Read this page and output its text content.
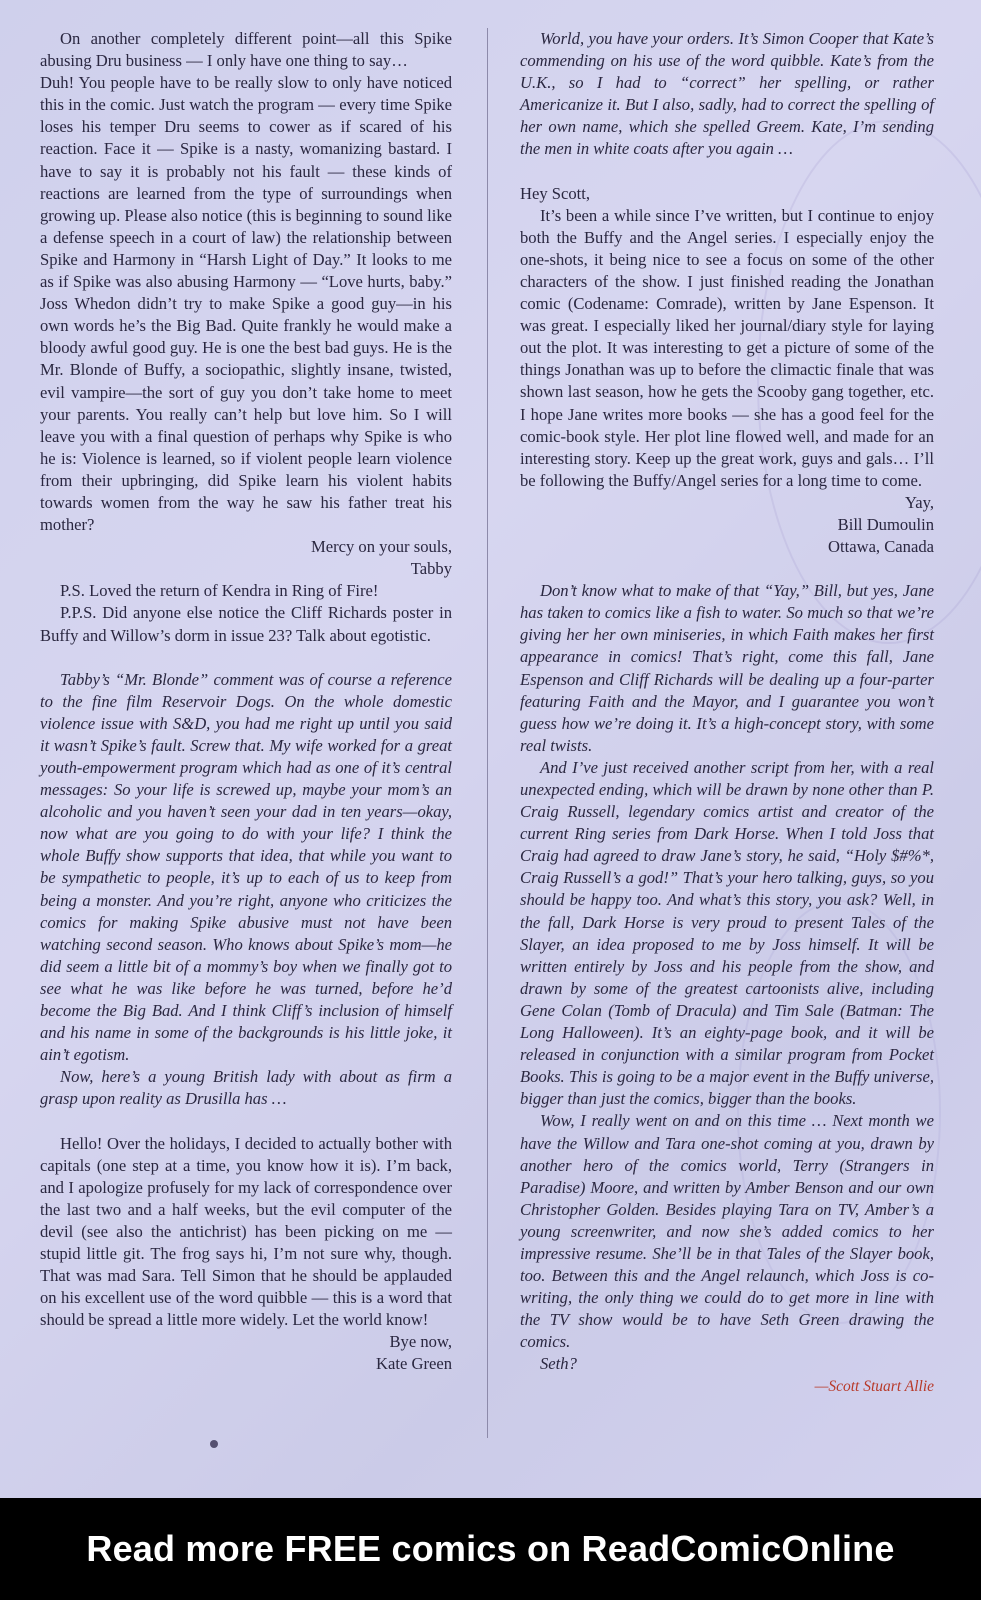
On another completely different point—all this Spike abusing Dru business — I only have one thing to say…

Duh! You people have to be really slow to only have noticed this in the comic. Just watch the program — every time Spike loses his temper Dru seems to cower as if scared of his reaction. Face it — Spike is a nasty, womanizing bastard. I have to say it is probably not his fault — these kinds of reactions are learned from the type of surroundings when growing up. Please also notice (this is beginning to sound like a defense speech in a court of law) the relationship between Spike and Harmony in “Harsh Light of Day.” It looks to me as if Spike was also abusing Harmony — “Love hurts, baby.” Joss Whedon didn’t try to make Spike a good guy—in his own words he’s the Big Bad. Quite frankly he would make a bloody awful good guy. He is one the best bad guys. He is the Mr. Blonde of Buffy, a sociopathic, slightly insane, twisted, evil vampire—the sort of guy you don’t take home to meet your parents. You really can’t help but love him. So I will leave you with a final question of perhaps why Spike is who he is: Violence is learned, so if violent people learn violence from their upbringing, did Spike learn his violent habits towards women from the way he saw his father treat his mother?

Mercy on your souls,

Tabby

P.S. Loved the return of Kendra in Ring of Fire!

P.P.S. Did anyone else notice the Cliff Richards poster in Buffy and Willow’s dorm in issue 23? Talk about egotistic.

Tabby’s “Mr. Blonde” comment was of course a reference to the fine film Reservoir Dogs. On the whole domestic violence issue with S&D, you had me right up until you said it wasn’t Spike’s fault. Screw that. My wife worked for a great youth-empowerment program which had as one of it’s central messages: So your life is screwed up, maybe your mom’s an alcoholic and you haven’t seen your dad in ten years—okay, now what are you going to do with your life? I think the whole Buffy show supports that idea, that while you want to be sympathetic to people, it’s up to each of us to keep from being a monster. And you’re right, anyone who criticizes the comics for making Spike abusive must not have been watching second season. Who knows about Spike’s mom—he did seem a little bit of a mommy’s boy when we finally got to see what he was like before he was turned, before he’d become the Big Bad. And I think Cliff’s inclusion of himself and his name in some of the backgrounds is his little joke, it ain’t egotism.

Now, here’s a young British lady with about as firm a grasp upon reality as Drusilla has …

Hello! Over the holidays, I decided to actually bother with capitals (one step at a time, you know how it is). I’m back, and I apologize profusely for my lack of correspondence over the last two and a half weeks, but the evil computer of the devil (see also the antichrist) has been picking on me — stupid little git. The frog says hi, I’m not sure why, though. That was mad Sara. Tell Simon that he should be applauded on his excellent use of the word quibble — this is a word that should be spread a little more widely. Let the world know!

Bye now,

Kate Green

World, you have your orders. It’s Simon Cooper that Kate’s commending on his use of the word quibble. Kate’s from the U.K., so I had to “correct” her spelling, or rather Americanize it. But I also, sadly, had to correct the spelling of her own name, which she spelled Greem. Kate, I’m sending the men in white coats after you again …

Hey Scott,

It’s been a while since I’ve written, but I continue to enjoy both the Buffy and the Angel series. I especially enjoy the one-shots, it being nice to see a focus on some of the other characters of the show. I just finished reading the Jonathan comic (Codename: Comrade), written by Jane Espenson. It was great. I especially liked her journal/diary style for laying out the plot. It was interesting to get a picture of some of the things Jonathan was up to before the climactic finale that was shown last season, how he gets the Scooby gang together, etc. I hope Jane writes more books — she has a good feel for the comic-book style. Her plot line flowed well, and made for an interesting story. Keep up the great work, guys and gals… I’ll be following the Buffy/Angel series for a long time to come.

Yay,

Bill Dumoulin

Ottawa, Canada

Don’t know what to make of that “Yay,” Bill, but yes, Jane has taken to comics like a fish to water. So much so that we’re giving her her own miniseries, in which Faith makes her first appearance in comics! That’s right, come this fall, Jane Espenson and Cliff Richards will be dealing up a four-parter featuring Faith and the Mayor, and I guarantee you won’t guess how we’re doing it. It’s a high-concept story, with some real twists.

And I’ve just received another script from her, with a real unexpected ending, which will be drawn by none other than P. Craig Russell, legendary comics artist and creator of the current Ring series from Dark Horse. When I told Joss that Craig had agreed to draw Jane’s story, he said, “Holy $#%*, Craig Russell’s a god!” That’s your hero talking, guys, so you should be happy too. And what’s this story, you ask? Well, in the fall, Dark Horse is very proud to present Tales of the Slayer, an idea proposed to me by Joss himself. It will be written entirely by Joss and his people from the show, and drawn by some of the greatest cartoonists alive, including Gene Colan (Tomb of Dracula) and Tim Sale (Batman: The Long Halloween). It’s an eighty-page book, and it will be released in conjunction with a similar program from Pocket Books. This is going to be a major event in the Buffy universe, bigger than just the comics, bigger than the books.

Wow, I really went on and on this time … Next month we have the Willow and Tara one-shot coming at you, drawn by another hero of the comics world, Terry (Strangers in Paradise) Moore, and written by Amber Benson and our own Christopher Golden. Besides playing Tara on TV, Amber’s a young screenwriter, and now she’s added comics to her impressive resume. She’ll be in that Tales of the Slayer book, too. Between this and the Angel relaunch, which Joss is co-writing, the only thing we could do to get more in line with the TV show would be to have Seth Green drawing the comics.

Seth?

—Scott Stuart Allie

Read more FREE comics on ReadComicOnline
